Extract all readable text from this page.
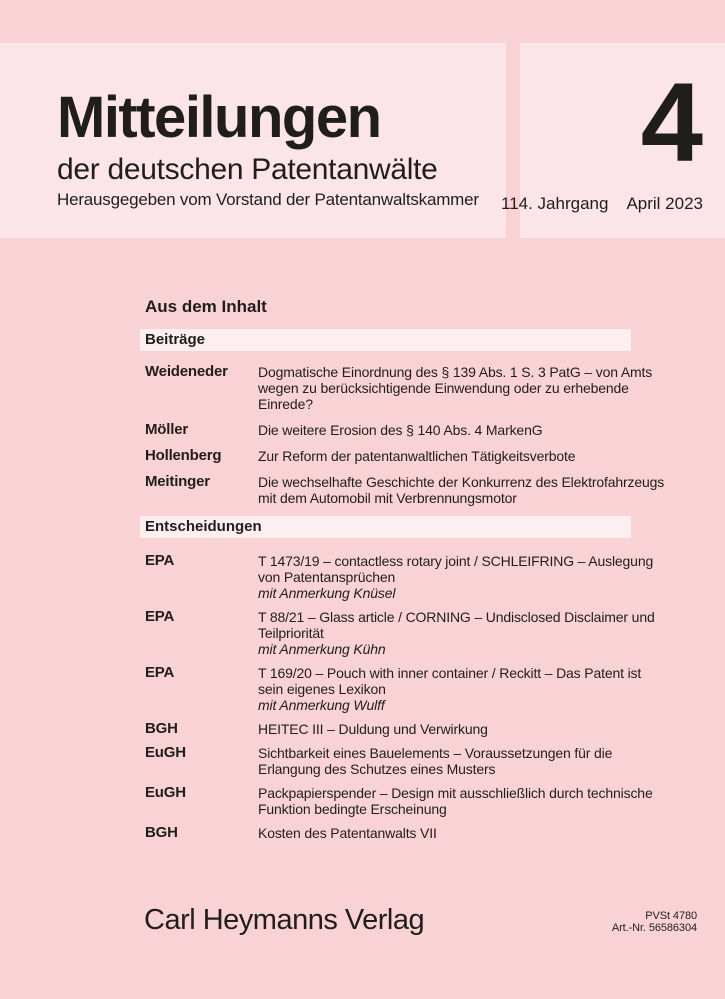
Mitteilungen
der deutschen Patentanwälte
Herausgegeben vom Vorstand der Patentanwaltskammer
4
114. Jahrgang April 2023
Aus dem Inhalt
Beiträge
Weideneder	Dogmatische Einordnung des § 139 Abs. 1 S. 3 PatG – von Amts
wegen zu berücksichtigende Einwendung oder zu erhebende
Einrede?
Möller	Die weitere Erosion des § 140 Abs. 4 MarkenG
Hollenberg	Zur Reform der patentanwaltlichen Tätigkeitsverbote
Meitinger	Die wechselhafte Geschichte der Konkurrenz des Elektrofahrzeugs
mit dem Automobil mit Verbrennungsmotor
Entscheidungen
EPA	T 1473/19 – contactless rotary joint / SCHLEIFRING – Auslegung
von Patentansprüchen
mit Anmerkung Knüsel
EPA	T 88/21 – Glass article / CORNING – Undisclosed Disclaimer und
Teilpriorität
mit Anmerkung Kühn
EPA	T 169/20 – Pouch with inner container / Reckitt – Das Patent ist
sein eigenes Lexikon
mit Anmerkung Wulff
BGH	HEITEC III – Duldung und Verwirkung
EuGH	Sichtbarkeit eines Bauelements – Voraussetzungen für die
Erlangung des Schutzes eines Musters
EuGH	Packpapierspender – Design mit ausschließlich durch technische
Funktion bedingte Erscheinung
BGH	Kosten des Patentanwalts VII
Carl Heymanns Verlag	PVSt 4780
Art.-Nr. 56586304
